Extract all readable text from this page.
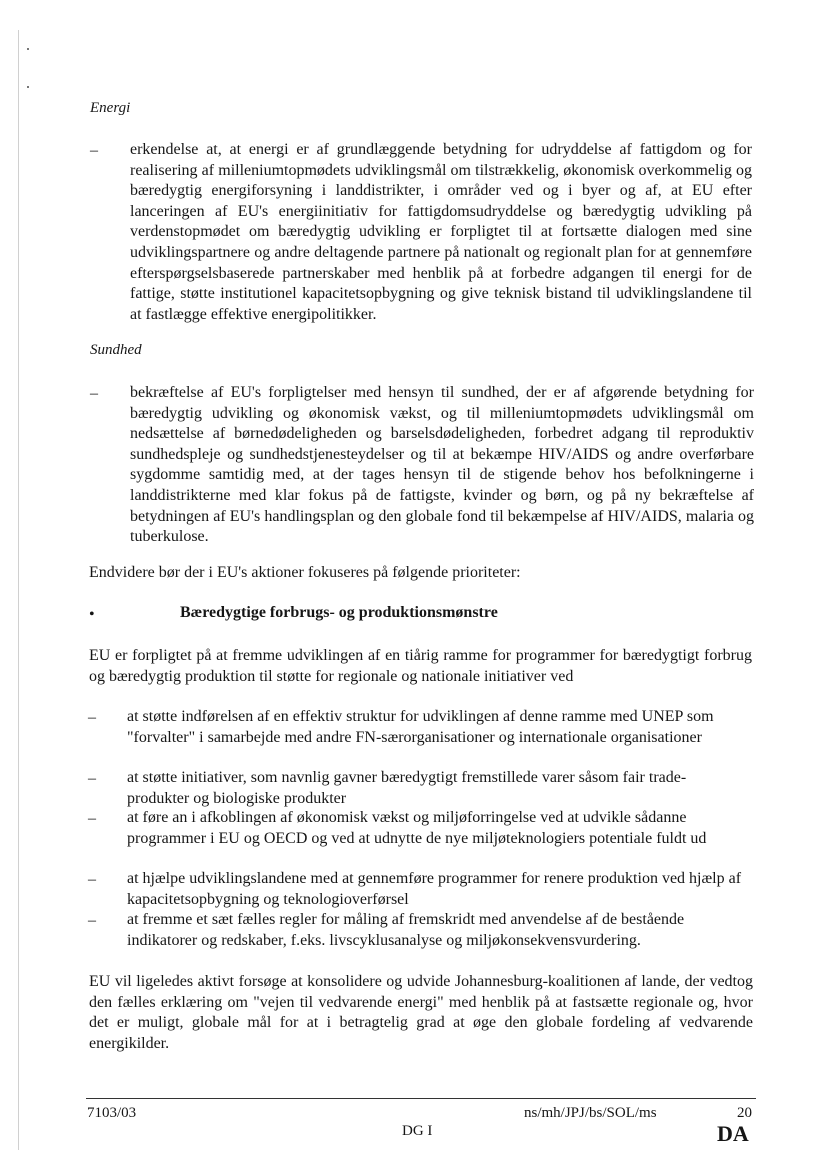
Energi
– erkendelse at, at energi er af grundlæggende betydning for udryddelse af fattigdom og for realisering af milleniumtopmødets udviklingsmål om tilstrækkelig, økonomisk overkommelig og bæredygtig energiforsyning i landdistrikter, i områder ved og i byer og af, at EU efter lanceringen af EU's energiinitiativ for fattigdomsudryddelse og bæredygtig udvikling på verdenstopmødet om bæredygtig udvikling er forpligtet til at fortsætte dialogen med sine udviklingspartnere og andre deltagende partnere på nationalt og regionalt plan for at gennemføre efterspørgselsbaserede partnerskaber med henblik på at forbedre adgangen til energi for de fattige, støtte institutionel kapacitetsopbygning og give teknisk bistand til udviklingslandene til at fastlægge effektive energipolitikker.

Sundhed
– bekræftelse af EU's forpligtelser med hensyn til sundhed, der er af afgørende betydning for bæredygtig udvikling og økonomisk vækst, og til milleniumtopmødets udviklingsmål om nedsættelse af børnedødeligheden og barselsdødeligheden, forbedret adgang til reproduktiv sundhedspleje og sundhedstjenesteydelser og til at bekæmpe HIV/AIDS og andre overførbare sygdomme samtidig med, at der tages hensyn til de stigende behov hos befolkningerne i landdistrikterne med klar fokus på de fattigste, kvinder og børn, og på ny bekræftelse af betydningen af EU's handlingsplan og den globale fond til bekæmpelse af HIV/AIDS, malaria og tuberkulose.

Endvidere bør der i EU's aktioner fokuseres på følgende prioriteter:

•	Bæredygtige forbrugs- og produktionsmønstre

EU er forpligtet på at fremme udviklingen af en tiårig ramme for programmer for bæredygtigt forbrug og bæredygtig produktion til støtte for regionale og nationale initiativer ved

– at støtte indførelsen af en effektiv struktur for udviklingen af denne ramme med UNEP som "forvalter" i samarbejde med andre FN-særorganisationer og internationale organisationer

– at støtte initiativer, som navnlig gavner bæredygtigt fremstillede varer såsom fair trade-produkter og biologiske produkter

– at føre an i afkoblingen af økonomisk vækst og miljøforringelse ved at udvikle sådanne programmer i EU og OECD og ved at udnytte de nye miljøteknologiers potentiale fuldt ud

– at hjælpe udviklingslandene med at gennemføre programmer for renere produktion ved hjælp af kapacitetsopbygning og teknologioverførsel

– at fremme et sæt fælles regler for måling af fremskridt med anvendelse af de bestående indikatorer og redskaber, f.eks. livscyklusanalyse og miljøkonsekvensvurdering.

EU vil ligeledes aktivt forsøge at konsolidere og udvide Johannesburg-koalitionen af lande, der vedtog den fælles erklæring om "vejen til vedvarende energi" med henblik på at fastsætte regionale og, hvor det er muligt, globale mål for at i betragtelig grad at øge den globale fordeling af vedvarende energikilder.

7103/03	ns/mh/JPJ/bs/SOL/ms	20
DG I	DA
